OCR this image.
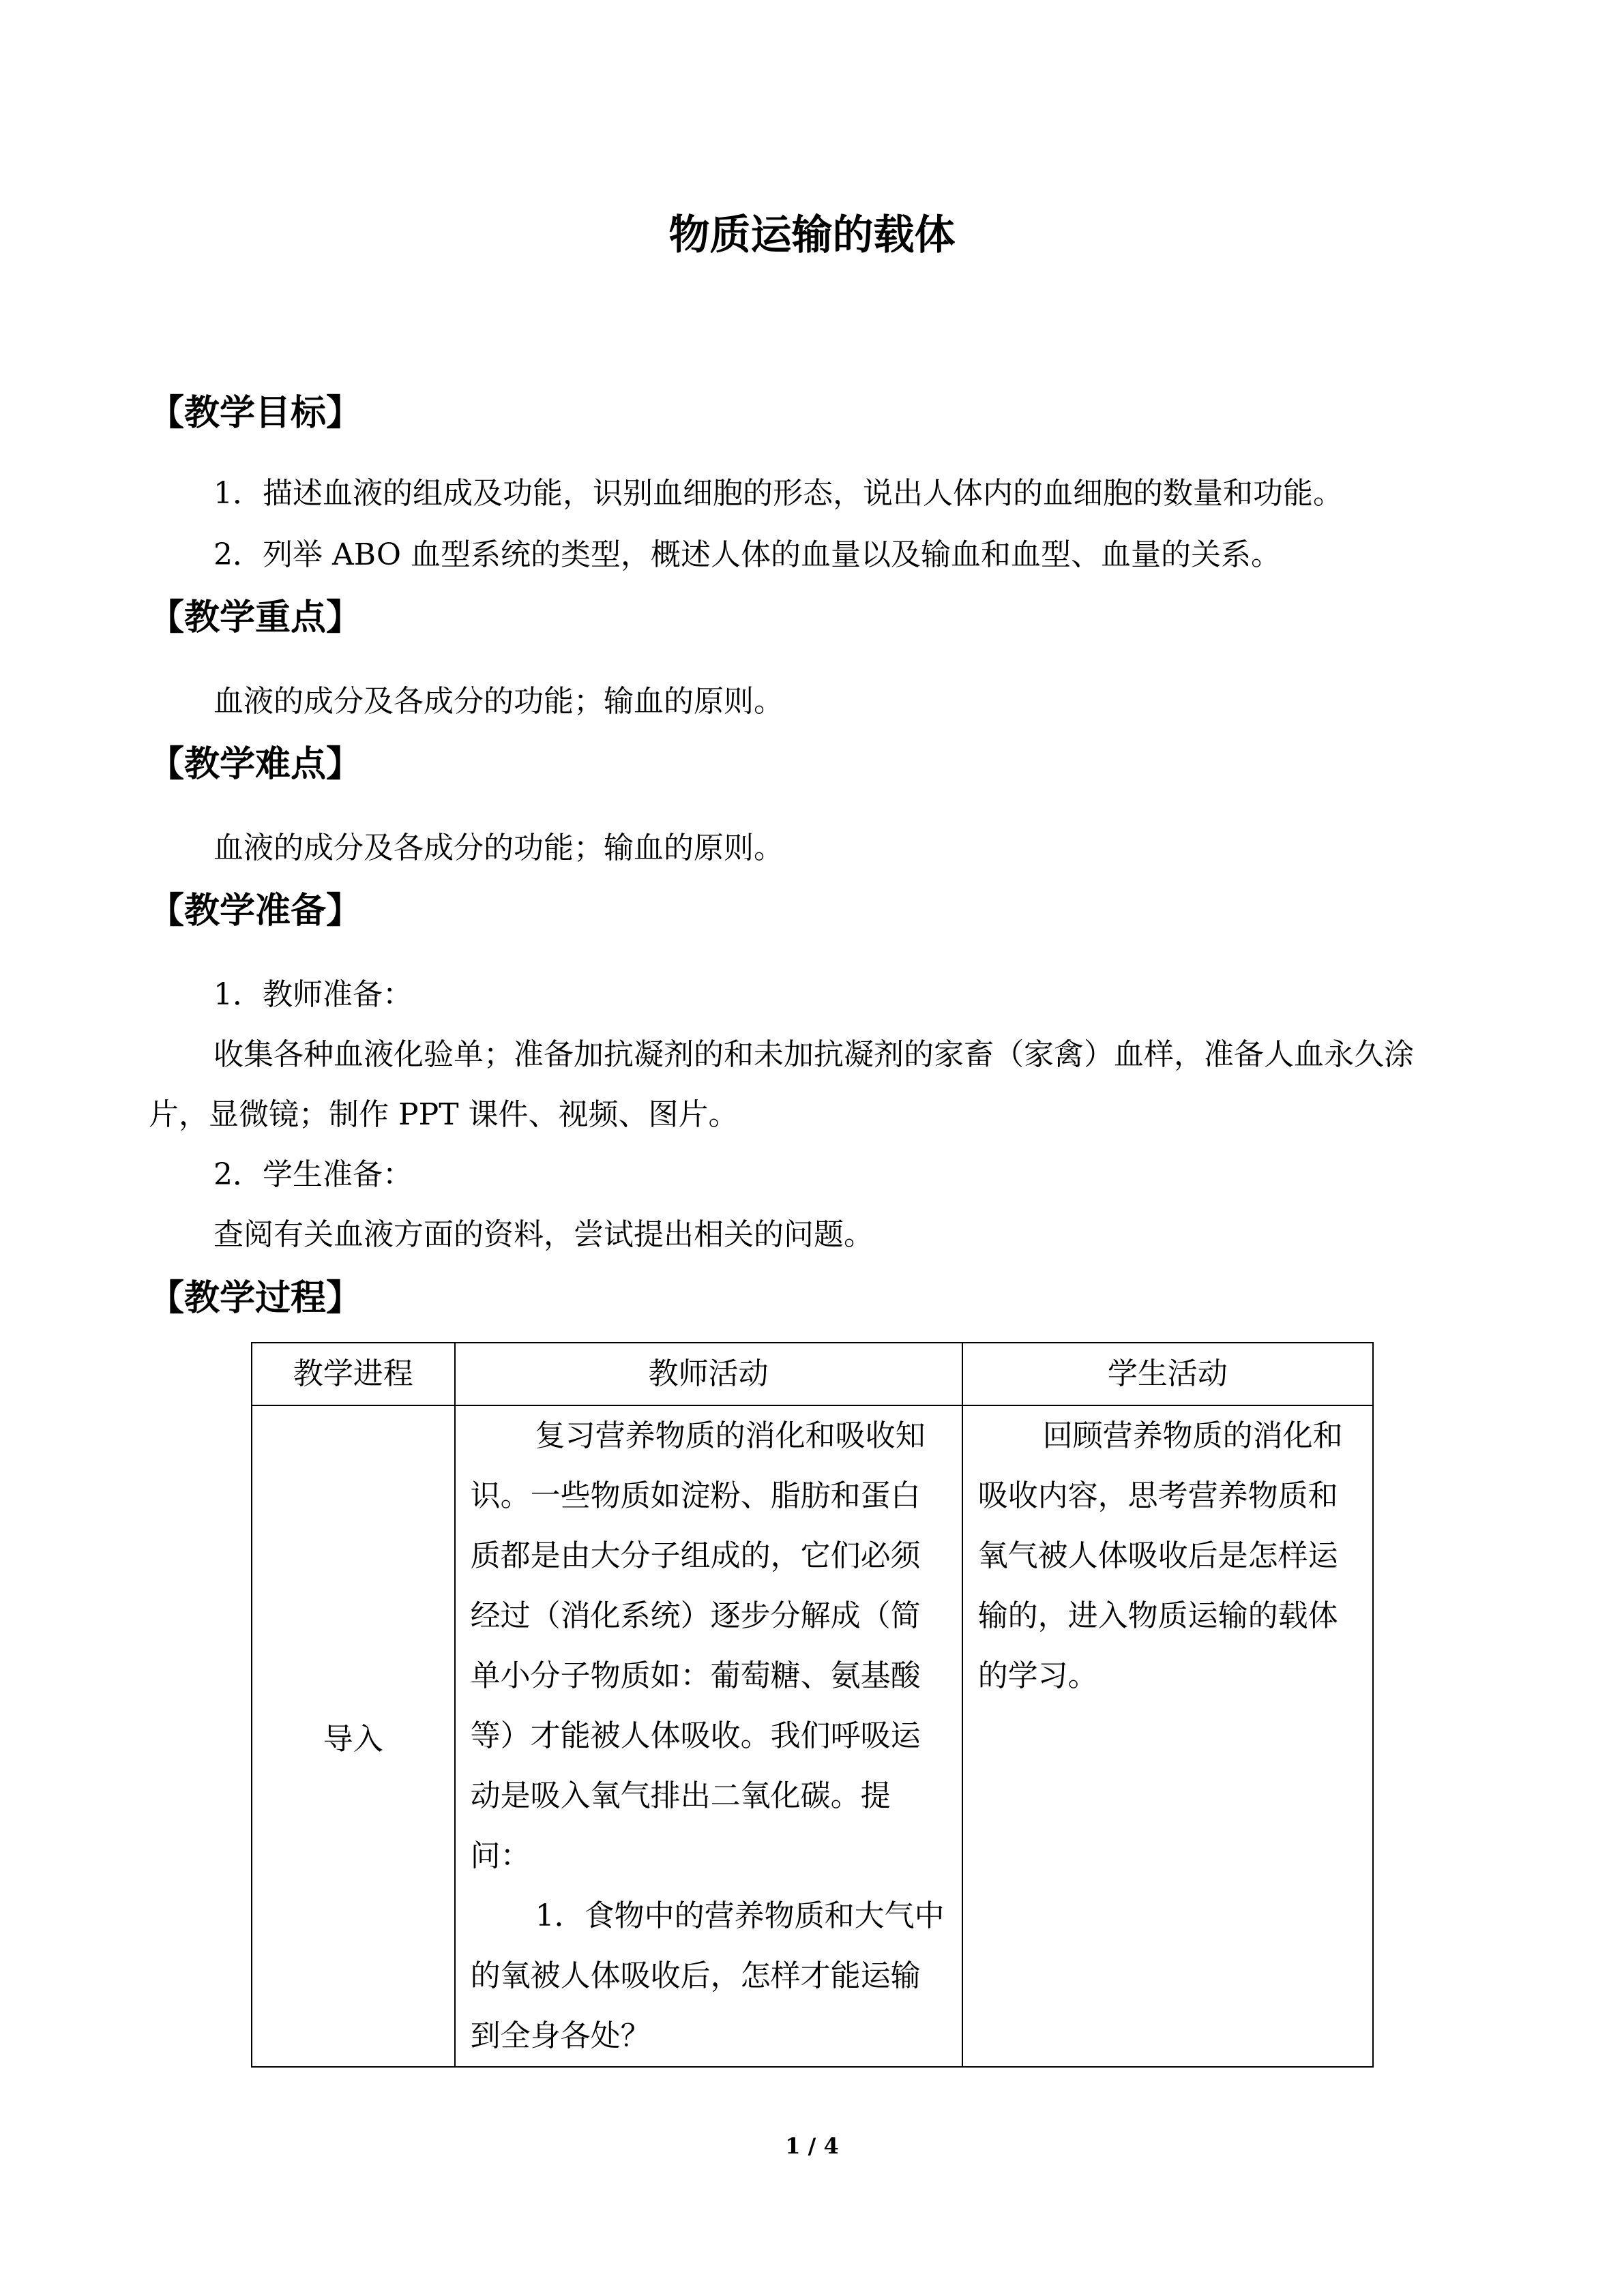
物质运输的载体
【教学目标】
1．描述血液的组成及功能，识别血细胞的形态，说出人体内的血细胞的数量和功能。
2．列举 ABO 血型系统的类型，概述人体的血量以及输血和血型、血量的关系。
【教学重点】
血液的成分及各成分的功能；输血的原则。
【教学难点】
血液的成分及各成分的功能；输血的原则。
【教学准备】
1．教师准备：
收集各种血液化验单；准备加抗凝剂的和未加抗凝剂的家畜（家禽）血样，准备人血永久涂片，显微镜；制作 PPT 课件、视频、图片。
2．学生准备：
查阅有关血液方面的资料，尝试提出相关的问题。
【教学过程】
教学进程	教师活动	学生活动
导入	复习营养物质的消化和吸收知识。一些物质如淀粉、脂肪和蛋白质都是由大分子组成的，它们必须经过（消化系统）逐步分解成（简单小分子物质如：葡萄糖、氨基酸等）才能被人体吸收。我们呼吸运动是吸入氧气排出二氧化碳。提问：

1．食物中的营养物质和大气中的氧被人体吸收后，怎样才能运输到全身各处？	回顾营养物质的消化和吸收内容，思考营养物质和氧气被人体吸收后是怎样运输的，进入物质运输的载体的学习。

1 / 4
